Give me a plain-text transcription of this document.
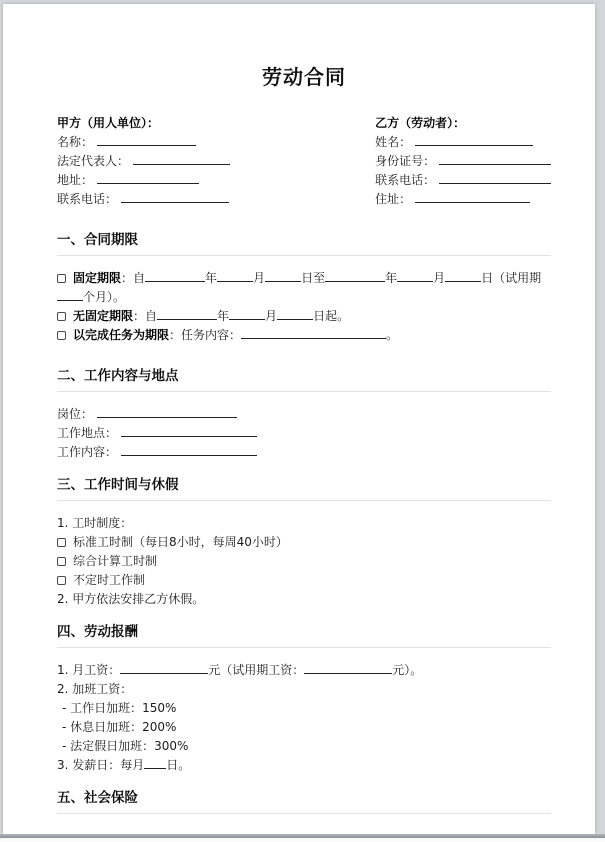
劳动合同
甲方（用人单位）：
名称：
法定代表人：
地址：
联系电话：
乙方（劳动者）：
姓名：
身份证号：
联系电话：
住址：
一、合同期限
固定期限：自	年	月	日至	年	月	日（试用期个月）。
无固定期限：自	年	月	日起。
以完成任务为期限：任务内容：	。
二、工作内容与地点
岗位：
工作地点：
工作内容：
三、工作时间与休假
1. 工时制度：
标准工时制（每日8小时，每周40小时）
综合计算工时制
不定时工作制
2. 甲方依法安排乙方休假。
四、劳动报酬
1. 月工资：	元（试用期工资：	元）。
2. 加班工资：
- 工作日加班：150%
- 休息日加班：200%
- 法定假日加班：300%
3. 发薪日：每月 日。
五、社会保险
